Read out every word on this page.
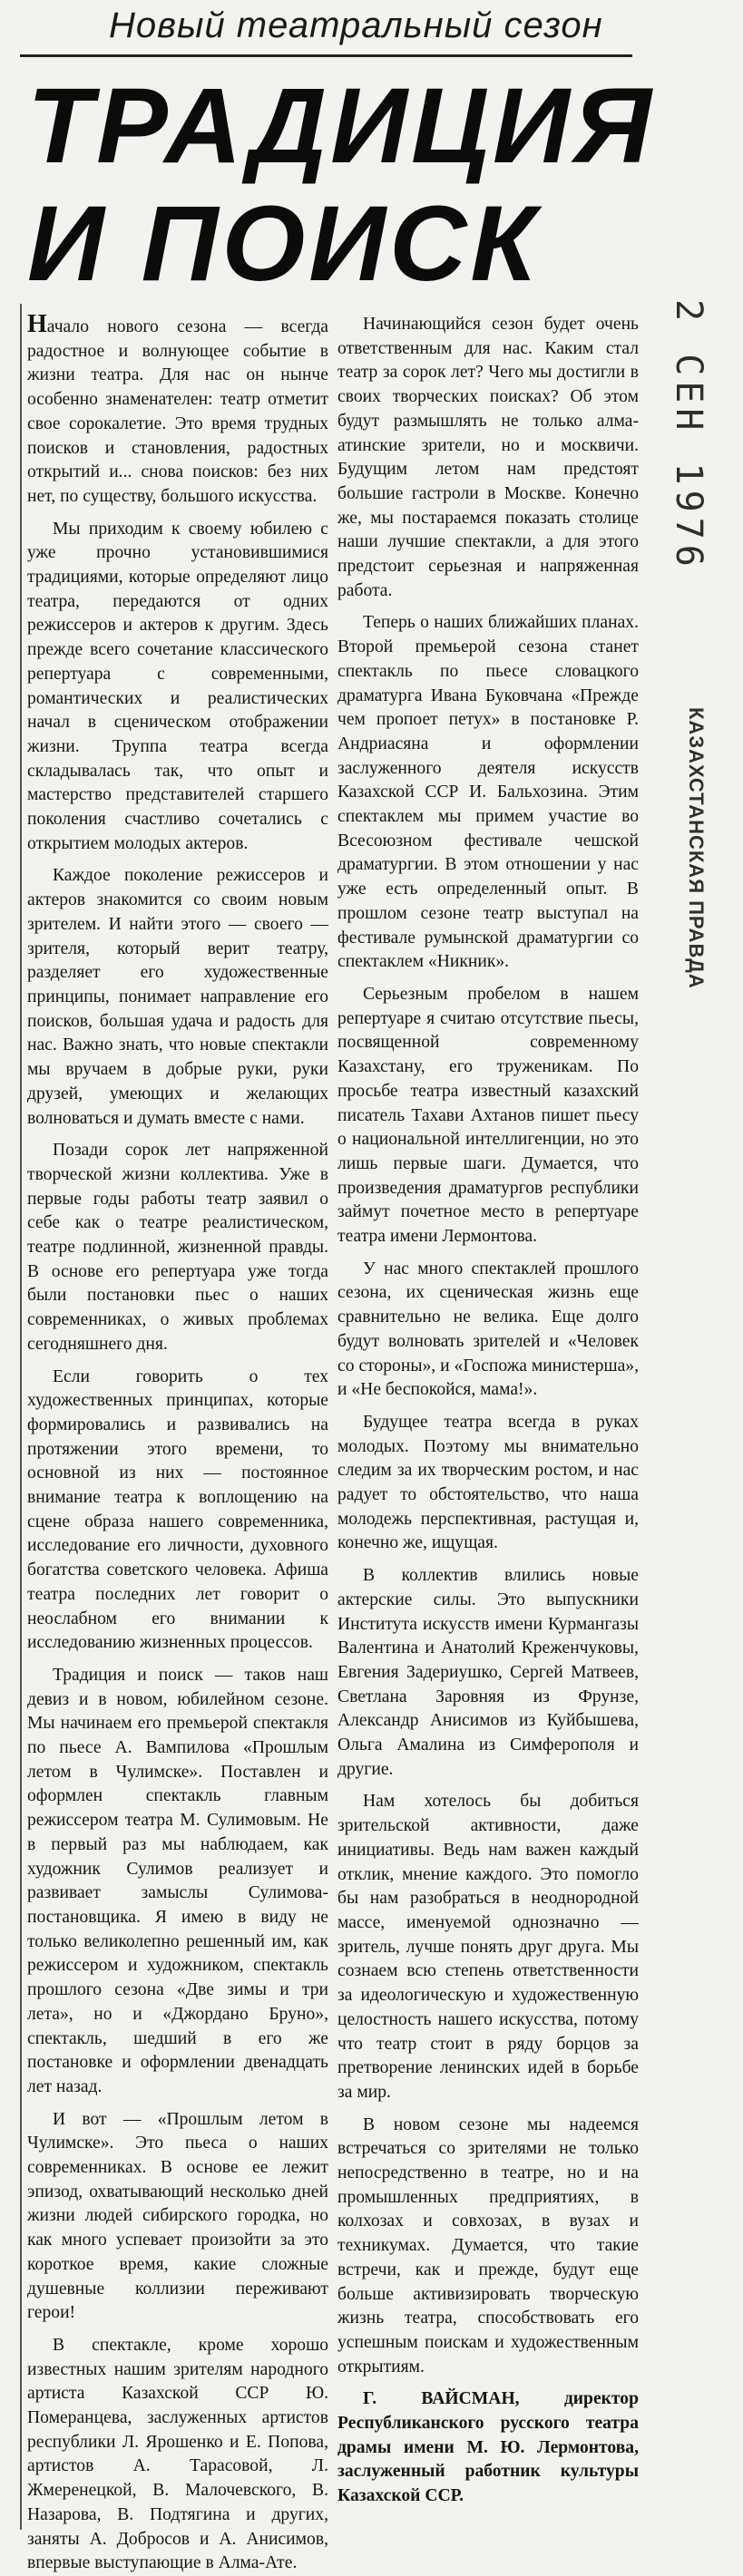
Новый театральный сезон
ТРАДИЦИЯ
И ПОИСК

Начало нового сезона — всегда радостное и волнующее событие в жизни театра. Для нас он нынче особенно знаменателен: театр отметит свое сорокалетие. Это время трудных поисков и становления, радостных открытий и... снова поисков: без них нет, по существу, большого искусства.

Мы приходим к своему юбилею с уже прочно установившимися традициями, которые определяют лицо театра, передаются от одних режиссеров и актеров к другим. Здесь прежде всего сочетание классического репертуара с современными, романтических и реалистических начал в сценическом отображении жизни. Труппа театра всегда складывалась так, что опыт и мастерство представителей старшего поколения счастливо сочетались с открытием молодых актеров.

Каждое поколение режиссеров и актеров знакомится со своим новым зрителем. И найти этого — своего — зрителя, который верит театру, разделяет его художественные принципы, понимает направление его поисков, большая удача и радость для нас. Важно знать, что новые спектакли мы вручаем в добрые руки, руки друзей, умеющих и желающих волноваться и думать вместе с нами.

Позади сорок лет напряженной творческой жизни коллектива. Уже в первые годы работы театр заявил о себе как о театре реалистическом, театре подлинной, жизненной правды. В основе его репертуара уже тогда были постановки пьес о наших современниках, о живых проблемах сегодняшнего дня.

Если говорить о тех художественных принципах, которые формировались и развивались на протяжении этого времени, то основной из них — постоянное внимание театра к воплощению на сцене образа нашего современника, исследование его личности, духовного богатства советского человека. Афиша театра последних лет говорит о неослабном его внимании к исследованию жизненных процессов.

Традиция и поиск — таков наш девиз и в новом, юбилейном сезоне. Мы начинаем его премьерой спектакля по пьесе А. Вампилова «Прошлым летом в Чулимске». Поставлен и оформлен спектакль главным режиссером театра М. Сулимовым. Не в первый раз мы наблюдаем, как художник Сулимов реализует и развивает замыслы Сулимова-постановщика. Я имею в виду не только великолепно решенный им, как режиссером и художником, спектакль прошлого сезона «Две зимы и три лета», но и «Джордано Бруно», спектакль, шедший в его же постановке и оформлении двенадцать лет назад.

И вот — «Прошлым летом в Чулимске». Это пьеса о наших современниках. В основе ее лежит эпизод, охватывающий несколько дней жизни людей сибирского городка, но как много успевает произойти за это короткое время, какие сложные душевные коллизии переживают герои!

В спектакле, кроме хорошо известных нашим зрителям народного артиста Казахской ССР Ю. Померанцева, заслуженных артистов республики Л. Ярошенко и Е. Попова, артистов А. Тарасовой, Л. Жмеренецкой, В. Малочевского, В. Назарова, В. Подтягина и других, заняты А. Доброcов и А. Анисимов, впервые выступающие в Алма-Ате.

Начинающийся сезон будет очень ответственным для нас. Каким стал театр за сорок лет? Чего мы достигли в своих творческих поисках? Об этом будут размышлять не только алма-атинские зрители, но и москвичи. Будущим летом нам предстоят большие гастроли в Москве. Конечно же, мы постараемся показать столице наши лучшие спектакли, а для этого предстоит серьезная и напряженная работа.

Теперь о наших ближайших планах. Второй премьерой сезона станет спектакль по пьесе словацкого драматурга Ивана Буковчана «Прежде чем пропоет петух» в постановке Р. Андриасяна и оформлении заслуженного деятеля искусств Казахской ССР И. Бальхозина. Этим спектаклем мы примем участие во Всесоюзном фестивале чешской драматургии. В этом отношении у нас уже есть определенный опыт. В прошлом сезоне театр выступал на фестивале румынской драматургии со спектаклем «Никник».

Серьезным пробелом в нашем репертуаре я считаю отсутствие пьесы, посвященной современному Казахстану, его труженикам. По просьбе театра известный казахский писатель Тахави Ахтанов пишет пьесу о национальной интеллигенции, но это лишь первые шаги. Думается, что произведения драматургов республики займут почетное место в репертуаре театра имени Лермонтова.

У нас много спектаклей прошлого сезона, их сценическая жизнь еще сравнительно не велика. Еще долго будут волновать зрителей и «Человек со стороны», и «Госпожа министерша», и «Не беспокойся, мама!».

Будущее театра всегда в руках молодых. Поэтому мы внимательно следим за их творческим ростом, и нас радует то обстоятельство, что наша молодежь перспективная, растущая и, конечно же, ищущая.

В коллектив влились новые актерские силы. Это выпускники Института искусств имени Курмангазы Валентина и Анатолий Креженчуковы, Евгения Задериушко, Сергей Матвеев, Светлана Заровняя из Фрунзе, Александр Анисимов из Куйбышева, Ольга Амалина из Симферополя и другие.

Нам хотелось бы добиться зрительской активности, даже инициативы. Ведь нам важен каждый отклик, мнение каждого. Это помогло бы нам разобраться в неоднородной массе, именуемой однозначно — зритель, лучше понять друг друга. Мы сознаем всю степень ответственности за идеологическую и художественную целостность нашего искусства, потому что театр стоит в ряду борцов за претворение ленинских идей в борьбе за мир.

В новом сезоне мы надеемся встречаться со зрителями не только непосредственно в театре, но и на промышленных предприятиях, в колхозах и совхозах, в вузах и техникумах. Думается, что такие встречи, как и прежде, будут еще больше активизировать творческую жизнь театра, способствовать его успешным поискам и художественным открытиям.

Г. ВАЙСМАН, директор Республиканского русского театра драмы имени М. Ю. Лермонтова, заслуженный работник культуры Казахской ССР.

2 СЕН 1976
КАЗАХСТАНСКАЯ ПРАВДА
